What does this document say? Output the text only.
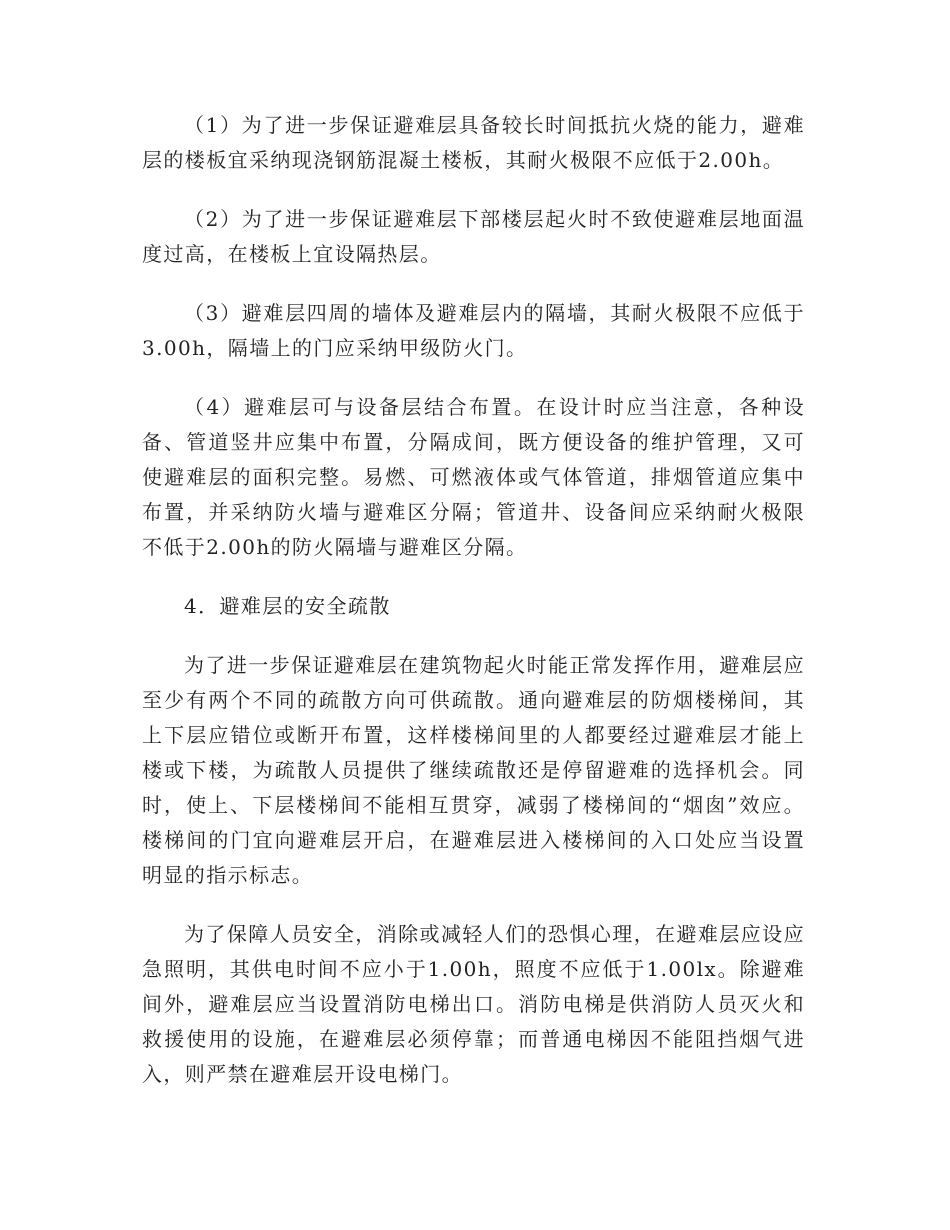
（1）为了进一步保证避难层具备较长时间抵抗火烧的能力，避难层的楼板宜采纳现浇钢筋混凝土楼板，其耐火极限不应低于2.00h。

（2）为了进一步保证避难层下部楼层起火时不致使避难层地面温度过高，在楼板上宜设隔热层。

（3）避难层四周的墙体及避难层内的隔墙，其耐火极限不应低于3.00h，隔墙上的门应采纳甲级防火门。

（4）避难层可与设备层结合布置。在设计时应当注意，各种设备、管道竖井应集中布置，分隔成间，既方便设备的维护管理，又可使避难层的面积完整。易燃、可燃液体或气体管道，排烟管道应集中布置，并采纳防火墙与避难区分隔；管道井、设备间应采纳耐火极限不低于2.00h的防火隔墙与避难区分隔。

4．避难层的安全疏散

为了进一步保证避难层在建筑物起火时能正常发挥作用，避难层应至少有两个不同的疏散方向可供疏散。通向避难层的防烟楼梯间，其上下层应错位或断开布置，这样楼梯间里的人都要经过避难层才能上楼或下楼，为疏散人员提供了继续疏散还是停留避难的选择机会。同时，使上、下层楼梯间不能相互贯穿，减弱了楼梯间的“烟囱”效应。楼梯间的门宜向避难层开启，在避难层进入楼梯间的入口处应当设置明显的指示标志。

为了保障人员安全，消除或减轻人们的恐惧心理，在避难层应设应急照明，其供电时间不应小于1.00h，照度不应低于1.00lx。除避难间外，避难层应当设置消防电梯出口。消防电梯是供消防人员灭火和救援使用的设施，在避难层必须停靠；而普通电梯因不能阻挡烟气进入，则严禁在避难层开设电梯门。
